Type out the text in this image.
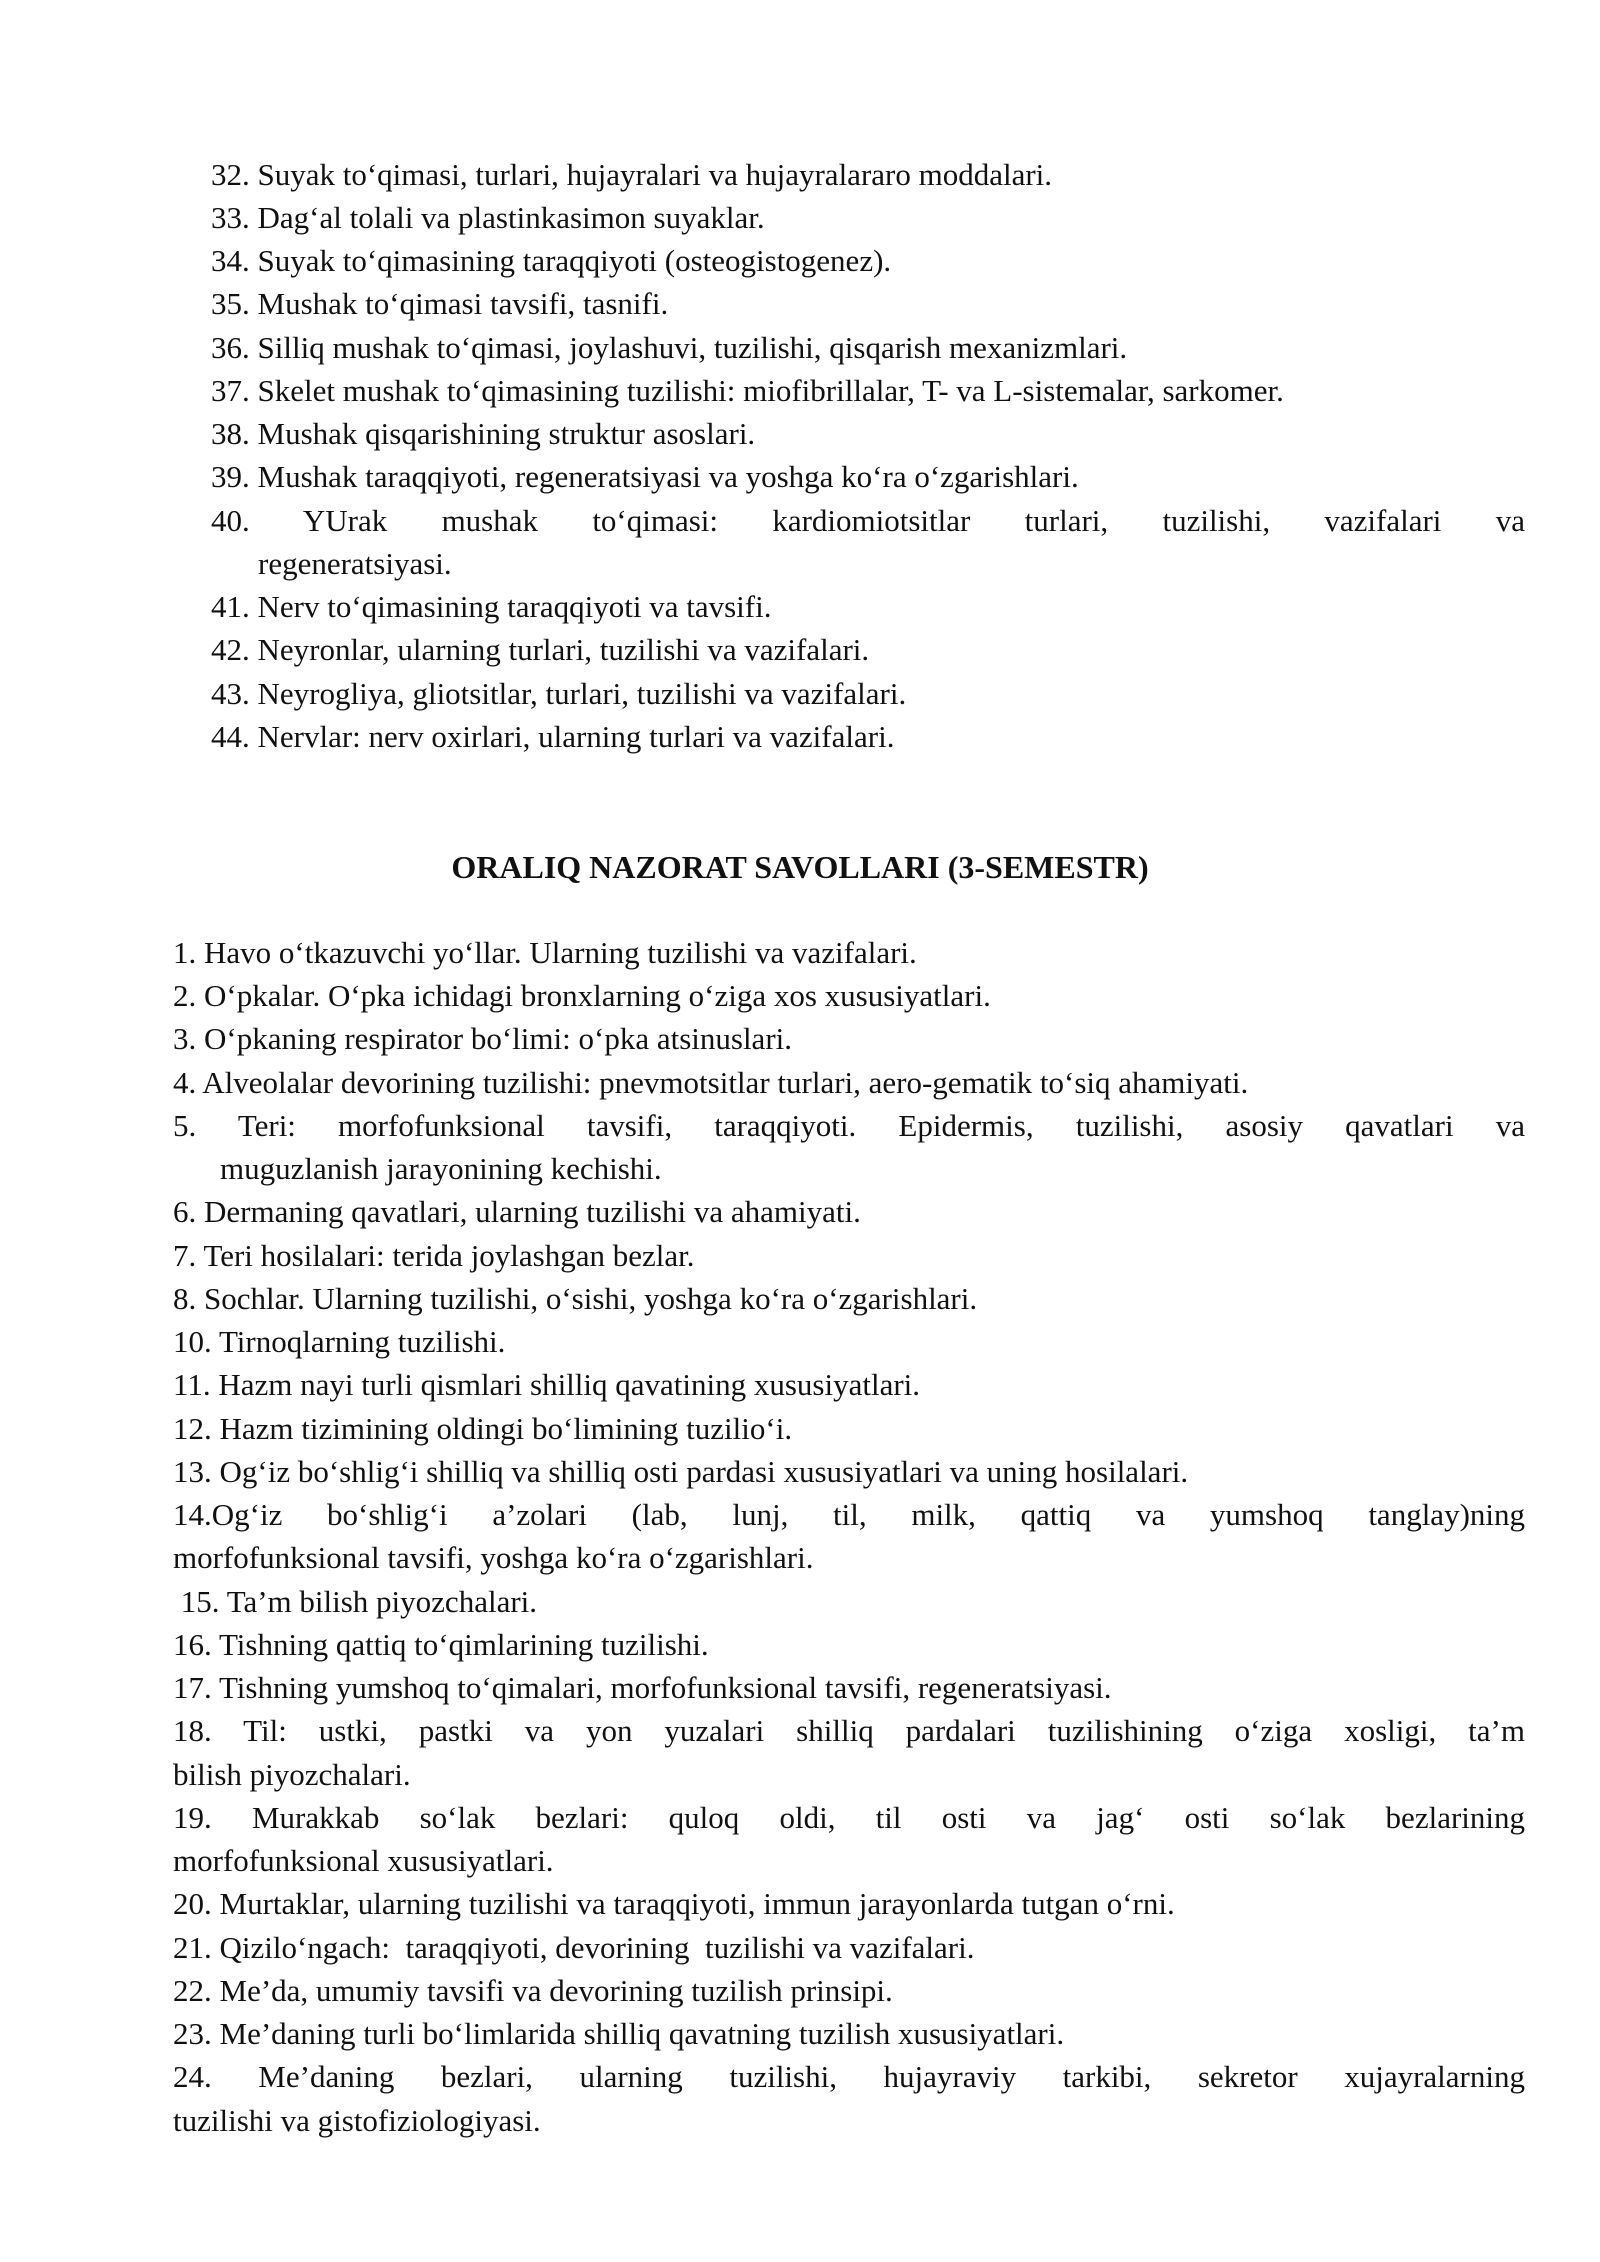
32. Suyak to‘qimasi, turlari, hujayralari va hujayralararo moddalari.

33. Dag‘al tolali va plastinkasimon suyaklar.

34. Suyak to‘qimasining taraqqiyoti (osteogistogenez).

35. Mushak to‘qimasi tavsifi, tasnifi.

36. Silliq mushak to‘qimasi, joylashuvi, tuzilishi, qisqarish mexanizmlari.

37. Skelet mushak to‘qimasining tuzilishi: miofibrillalar, T- va L-sistemalar, sarkomer.

38. Mushak qisqarishining struktur asoslari.

39. Mushak taraqqiyoti, regeneratsiyasi va yoshga ko‘ra o‘zgarishlari.

40. YUrak mushak to‘qimasi: kardiomiotsitlar turlari, tuzilishi, vazifalari va

regeneratsiyasi.

41. Nerv to‘qimasining taraqqiyoti va tavsifi.

42. Neyronlar, ularning turlari, tuzilishi va vazifalari.

43. Neyrogliya, gliotsitlar, turlari, tuzilishi va vazifalari.

44. Nervlar: nerv oxirlari, ularning turlari va vazifalari.

ORALIQ NAZORAT SAVOLLARI (3-SEMESTR)

1. Havo o‘tkazuvchi yo‘llar. Ularning tuzilishi va vazifalari.

2. O‘pkalar. O‘pka ichidagi bronxlarning o‘ziga xos xususiyatlari.

3. O‘pkaning respirator bo‘limi: o‘pka atsinuslari.

4. Alveolalar devorining tuzilishi: pnevmotsitlar turlari, aero-gematik to‘siq ahamiyati.

5. Teri: morfofunksional tavsifi, taraqqiyoti. Epidermis, tuzilishi, asosiy qavatlari va

muguzlanish jarayonining kechishi.

6. Dermaning qavatlari, ularning tuzilishi va ahamiyati.

7. Teri hosilalari: terida joylashgan bezlar.

8. Sochlar. Ularning tuzilishi, o‘sishi, yoshga ko‘ra o‘zgarishlari.

10. Tirnoqlarning tuzilishi.

11. Hazm nayi turli qismlari shilliq qavatining xususiyatlari.

12. Hazm tizimining oldingi bo‘limining tuzilio‘i.

13. Og‘iz bo‘shlig‘i shilliq va shilliq osti pardasi xususiyatlari va uning hosilalari.

14.Og‘iz bo‘shlig‘i a’zolari (lab, lunj, til, milk, qattiq va yumshoq tanglay)ning

morfofunksional tavsifi, yoshga ko‘ra o‘zgarishlari.

15. Ta’m bilish piyozchalari.

16. Tishning qattiq to‘qimlarining tuzilishi.

17. Tishning yumshoq to‘qimalari, morfofunksional tavsifi, regeneratsiyasi.

18. Til: ustki, pastki va yon yuzalari shilliq pardalari tuzilishining o‘ziga xosligi, ta’m

bilish piyozchalari.

19. Murakkab so‘lak bezlari: quloq oldi, til osti va jag‘ osti so‘lak bezlarining

morfofunksional xususiyatlari.

20. Murtaklar, ularning tuzilishi va taraqqiyoti, immun jarayonlarda tutgan o‘rni.

21. Qizilo‘ngach:  taraqqiyoti, devorining  tuzilishi va vazifalari.

22. Me’da, umumiy tavsifi va devorining tuzilish prinsipi.

23. Me’daning turli bo‘limlarida shilliq qavatning tuzilish xususiyatlari.

24. Me’daning bezlari, ularning tuzilishi, hujayraviy tarkibi, sekretor xujayralarning

tuzilishi va gistofiziologiyasi.
